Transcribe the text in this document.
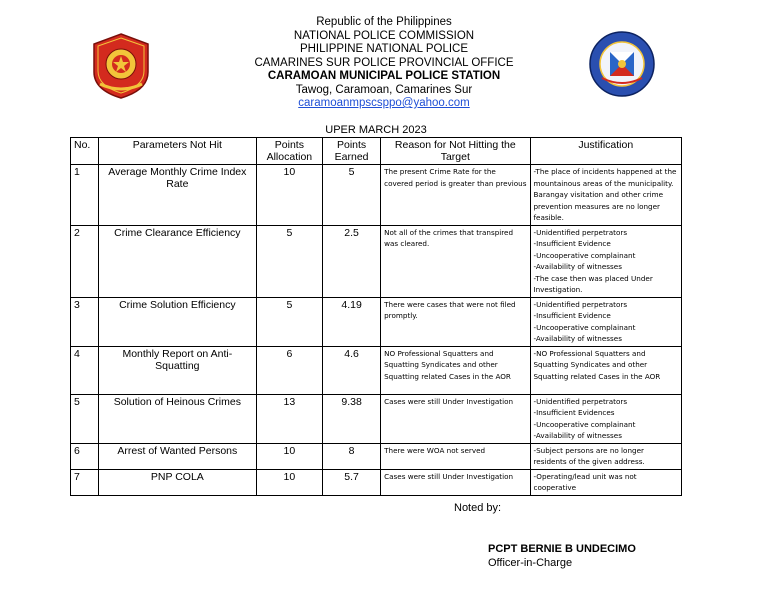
Republic of the Philippines
NATIONAL POLICE COMMISSION
PHILIPPINE NATIONAL POLICE
CAMARINES SUR POLICE PROVINCIAL OFFICE
CARAMOAN MUNICIPAL POLICE STATION
Tawog, Caramoan, Camarines Sur
caramoanmpscsppo@yahoo.com
UPER MARCH 2023
No.	Parameters Not Hit	Points Allocation	Points Earned	Reason for Not Hitting the Target	Justification
1	Average Monthly Crime Index Rate	10	5	The present Crime Rate for the covered period is greater than previous	-The place of incidents happened at the mountainous areas of the municipality. Barangay visitation and other crime prevention measures are no longer feasible.
2	Crime Clearance Efficiency	5	2.5	Not all of the crimes that transpired was cleared.	-Unidentified perpetrators
-Insufficient Evidence
-Uncooperative complainant
-Availability of witnesses
-The case then was placed Under Investigation.
3	Crime Solution Efficiency	5	4.19	There were cases that were not filed promptly.	-Unidentified perpetrators
-Insufficient Evidence
-Uncooperative complainant
-Availability of witnesses
4	Monthly Report on Anti-Squatting	6	4.6	NO Professional Squatters and Squatting Syndicates and other Squatting related Cases in the AOR	-NO Professional Squatters and Squatting Syndicates and other Squatting related Cases in the AOR
5	Solution of Heinous Crimes	13	9.38	Cases were still Under Investigation	-Unidentified perpetrators
-Insufficient Evidences
-Uncooperative complainant
-Availability of witnesses
6	Arrest of Wanted Persons	10	8	There were WOA not served	-Subject persons are no longer residents of the given address.
7	PNP COLA	10	5.7	Cases were still Under Investigation	-Operating/lead unit was not cooperative
Noted by:
PCPT BERNIE B UNDECIMO
Officer-in-Charge
